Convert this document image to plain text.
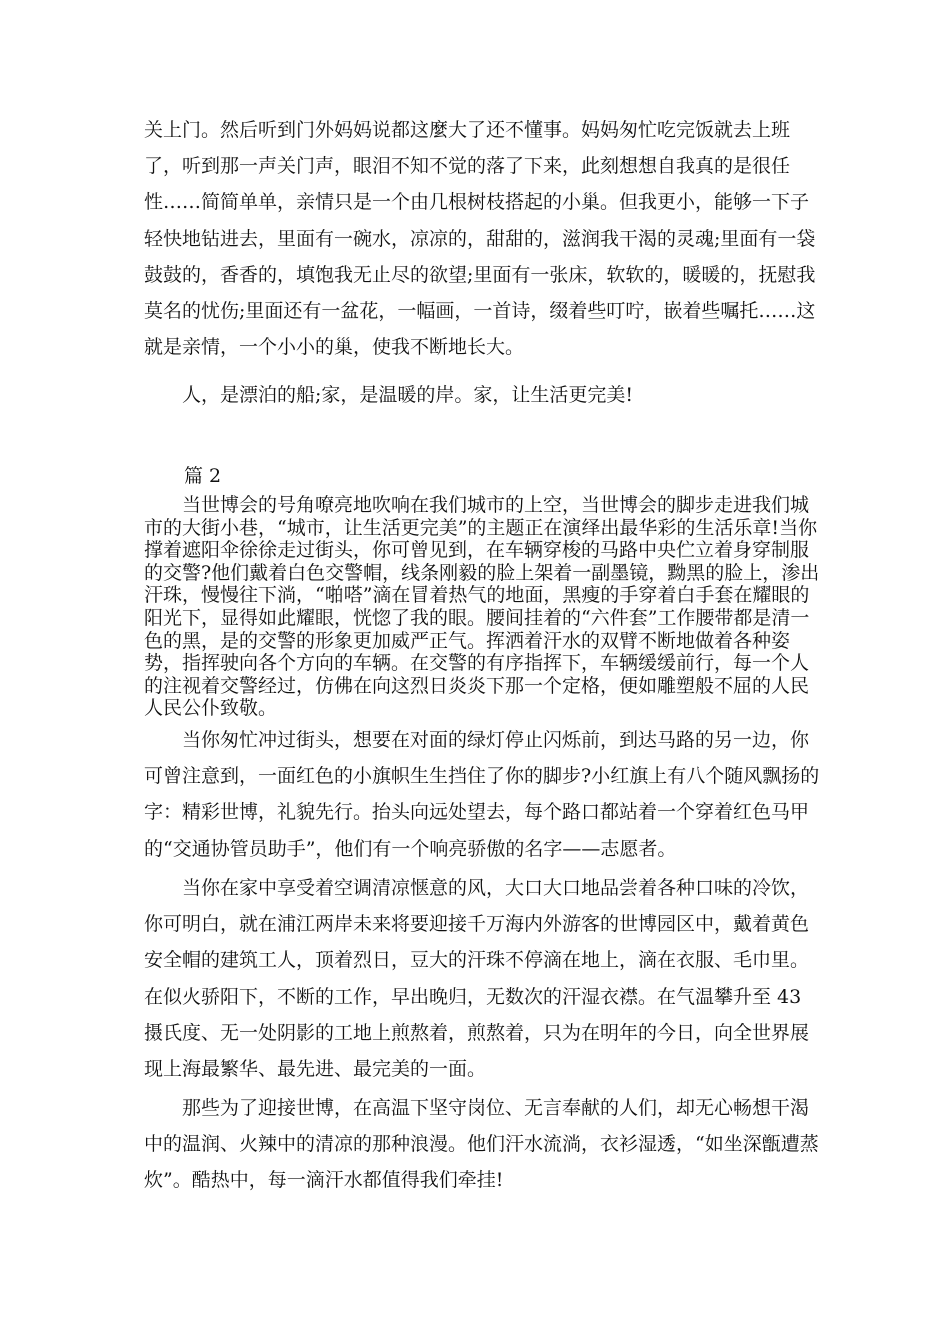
关上门。然后听到门外妈妈说都这麼大了还不懂事。妈妈匆忙吃完饭就去上班了，听到那一声关门声，眼泪不知不觉的落了下来，此刻想想自我真的是很任性……简简单单，亲情只是一个由几根树枝搭起的小巢。但我更小，能够一下子轻快地钻进去，里面有一碗水，凉凉的，甜甜的，滋润我干渴的灵魂;里面有一袋鼓鼓的，香香的，填饱我无止尽的欲望;里面有一张床，软软的，暖暖的，抚慰我莫名的忧伤;里面还有一盆花，一幅画，一首诗，缀着些叮咛，嵌着些嘱托……这就是亲情，一个小小的巢，使我不断地长大。

人，是漂泊的船;家，是温暖的岸。家，让生活更完美!

篇 2

当世博会的号角嘹亮地吹响在我们城市的上空，当世博会的脚步走进我们城市的大街小巷，“城市，让生活更完美”的主题正在演绎出最华彩的生活乐章!当你撑着遮阳伞徐徐走过街头，你可曾见到，在车辆穿梭的马路中央伫立着身穿制服的交警?他们戴着白色交警帽，线条刚毅的脸上架着一副墨镜，黝黑的脸上，渗出汗珠，慢慢往下淌，“啪嗒”滴在冒着热气的地面，黑瘦的手穿着白手套在耀眼的阳光下，显得如此耀眼，恍惚了我的眼。腰间挂着的“六件套”工作腰带都是清一色的黑，是的交警的形象更加威严正气。挥洒着汗水的双臂不断地做着各种姿势，指挥驶向各个方向的车辆。在交警的有序指挥下，车辆缓缓前行，每一个人的注视着交警经过，仿佛在向这烈日炎炎下那一个定格，便如雕塑般不屈的人民人民公仆致敬。

当你匆忙冲过街头，想要在对面的绿灯停止闪烁前，到达马路的另一边，你可曾注意到，一面红色的小旗帜生生挡住了你的脚步?小红旗上有八个随风飘扬的字：精彩世博，礼貌先行。抬头向远处望去，每个路口都站着一个穿着红色马甲的“交通协管员助手”，他们有一个响亮骄傲的名字——志愿者。

当你在家中享受着空调清凉惬意的风，大口大口地品尝着各种口味的冷饮，你可明白，就在浦江两岸未来将要迎接千万海内外游客的世博园区中，戴着黄色安全帽的建筑工人，顶着烈日，豆大的汗珠不停滴在地上，滴在衣服、毛巾里。在似火骄阳下，不断的工作，早出晚归，无数次的汗湿衣襟。在气温攀升至 43 摄氏度、无一处阴影的工地上煎熬着，煎熬着，只为在明年的今日，向全世界展现上海最繁华、最先进、最完美的一面。

那些为了迎接世博，在高温下坚守岗位、无言奉献的人们，却无心畅想干渴中的温润、火辣中的清凉的那种浪漫。他们汗水流淌，衣衫湿透，“如坐深甑遭蒸炊”。酷热中，每一滴汗水都值得我们牵挂!
